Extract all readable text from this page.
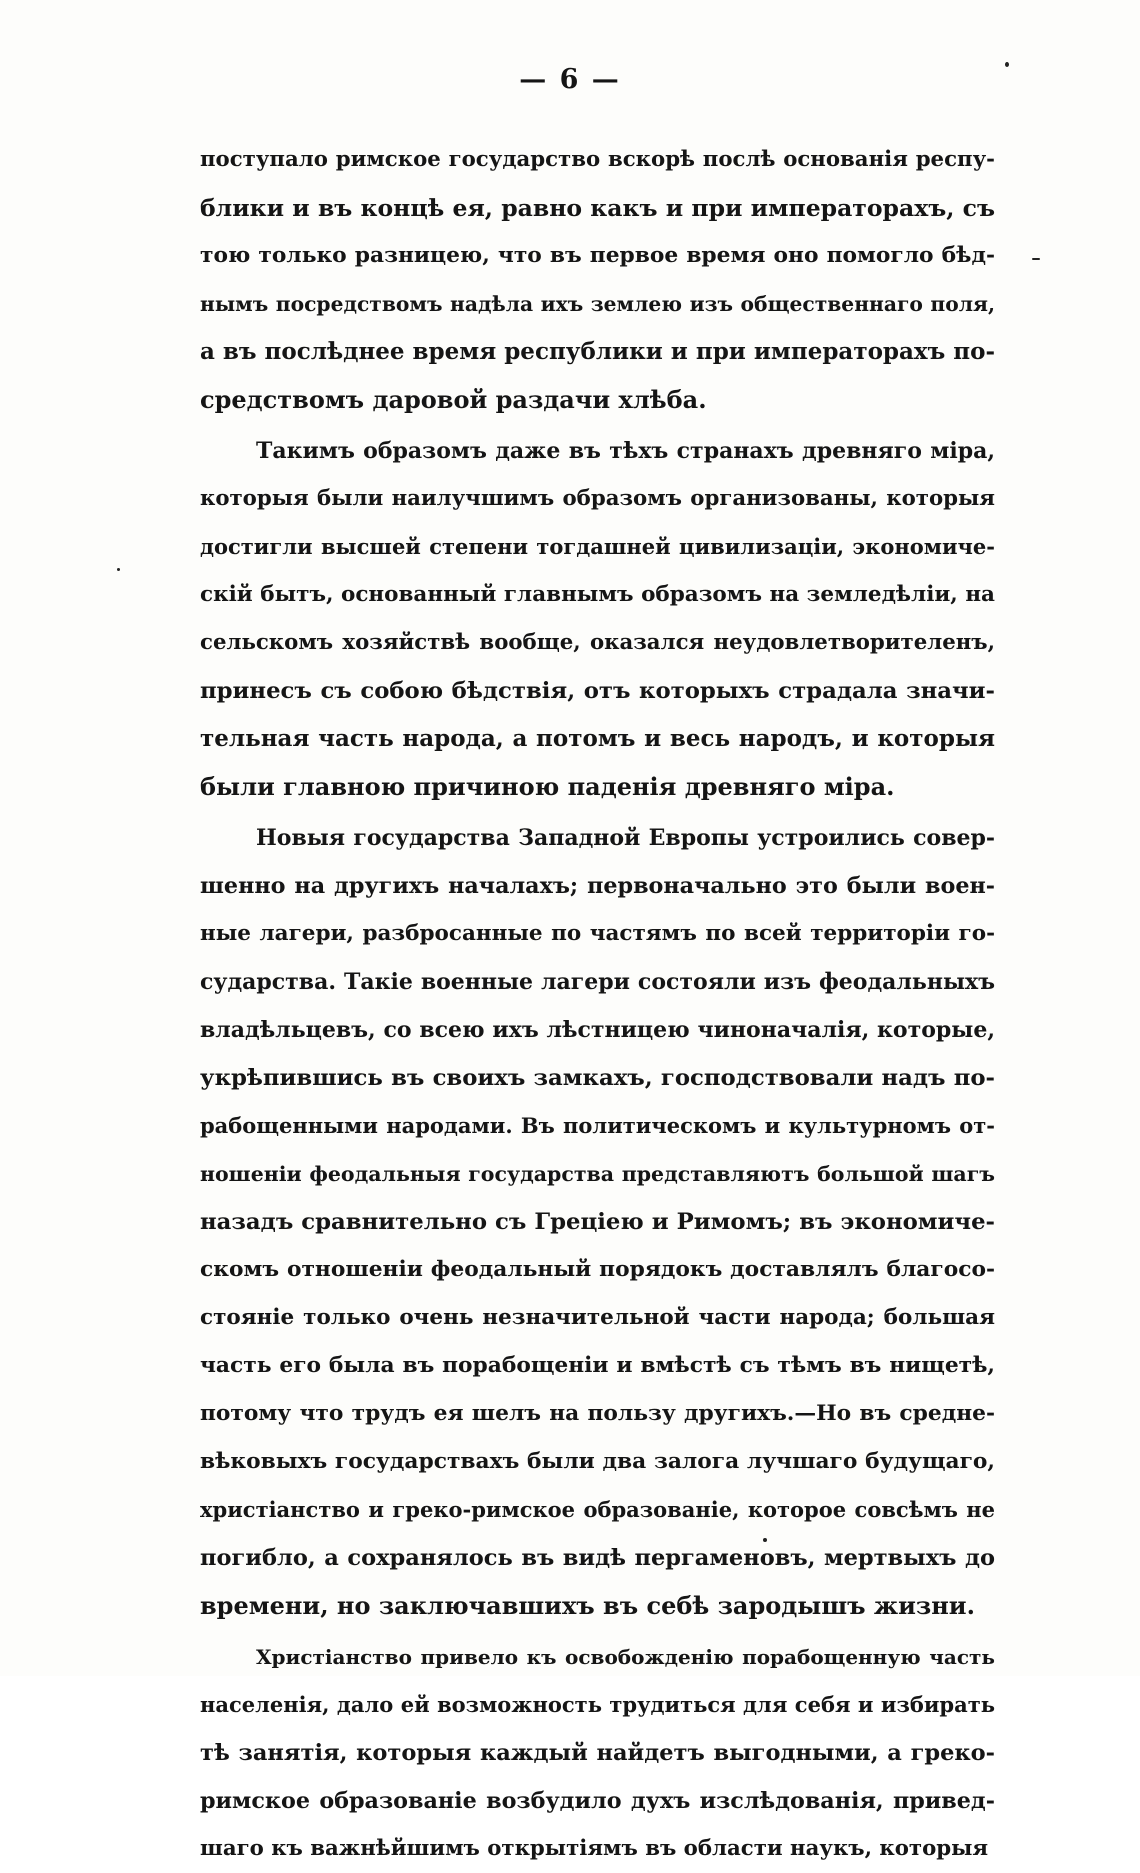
— 6 —
поступало римское государство вскорѣ послѣ основанія респу-
блики и въ концѣ ея, равно какъ и при императорахъ, съ
тою только разницею, что въ первое время оно помогло бѣд-
нымъ посредствомъ надѣла ихъ землею изъ общественнаго поля,
а въ послѣднее время республики и при императорахъ по-
средствомъ даровой раздачи хлѣба.
Такимъ образомъ даже въ тѣхъ странахъ древняго міра,
которыя были наилучшимъ образомъ организованы, которыя
достигли высшей степени тогдашней цивилизаціи, экономиче-
скій бытъ, основанный главнымъ образомъ на земледѣліи, на
сельскомъ хозяйствѣ вообще, оказался неудовлетворителенъ,
принесъ съ собою бѣдствія, отъ которыхъ страдала значи-
тельная часть народа, а потомъ и весь народъ, и которыя
были главною причиною паденія древняго міра.
Новыя государства Западной Европы устроились совер-
шенно на другихъ началахъ; первоначально это были воен-
ные лагери, разбросанные по частямъ по всей территоріи го-
сударства. Такіе военные лагери состояли изъ феодальныхъ
владѣльцевъ, со всею ихъ лѣстницею чиноначалія, которые,
укрѣпившись въ своихъ замкахъ, господствовали надъ по-
рабощенными народами. Въ политическомъ и культурномъ от-
ношеніи феодальныя государства представляютъ большой шагъ
назадъ сравнительно съ Греціею и Римомъ; въ экономиче-
скомъ отношеніи феодальный порядокъ доставлялъ благосо-
стояніе только очень незначительной части народа; большая
часть его была въ порабощеніи и вмѣстѣ съ тѣмъ въ нищетѣ,
потому что трудъ ея шелъ на пользу другихъ.—Но въ средне-
вѣковыхъ государствахъ были два залога лучшаго будущаго,
христіанство и греко-римское образованіе, которое совсѣмъ не
погибло, а сохранялось въ видѣ пергаменовъ, мертвыхъ до
времени, но заключавшихъ въ себѣ зародышъ жизни.
Христіанство привело къ освобожденію порабощенную часть
населенія, дало ей возможность трудиться для себя и избирать
тѣ занятія, которыя каждый найдетъ выгодными, а греко-
римское образованіе возбудило духъ изслѣдованія, привед-
шаго къ важнѣйшимъ открытіямъ въ области наукъ, которыя
